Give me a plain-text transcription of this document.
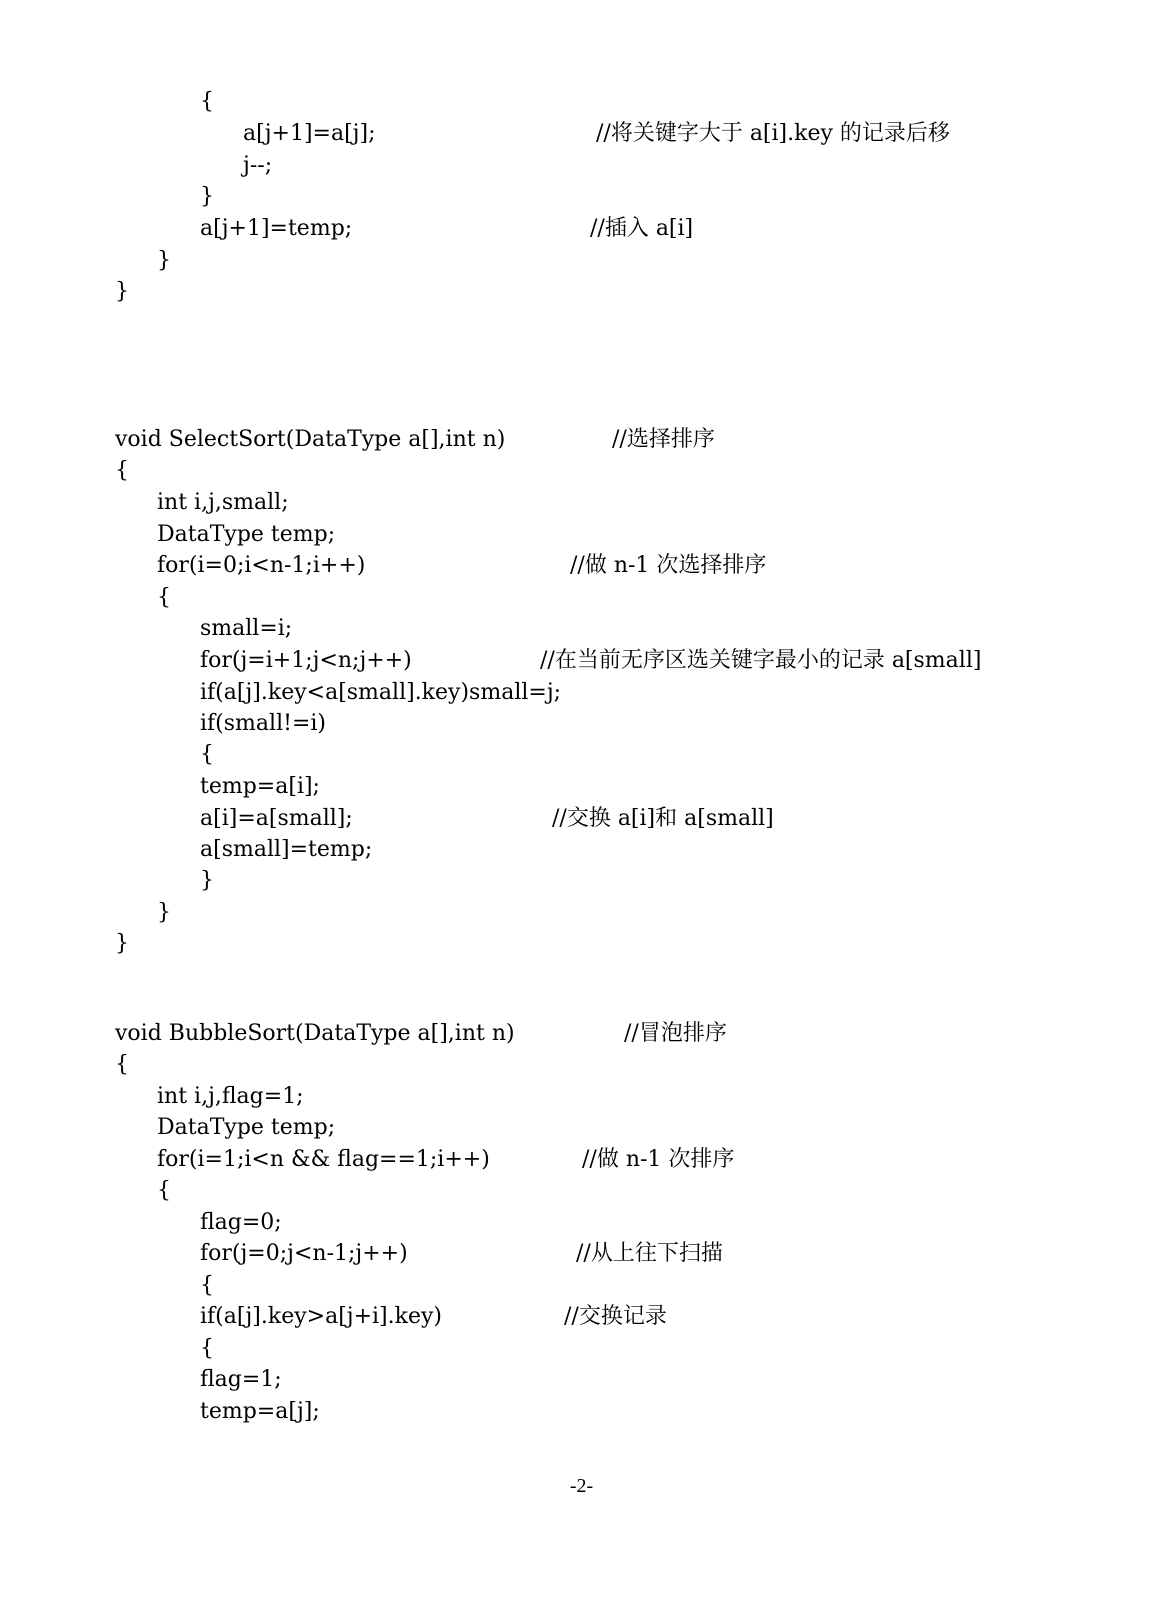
{

a[j+1]=a[j];

	//将关键字大于 a[i].key 的记录后移

j--;

}

a[j+1]=temp;

	//插入 a[i]

}

}

void SelectSort(DataType a[],int n)

	//选择排序

{

int i,j,small;

DataType temp;

for(i=0;i<n-1;i++)

	//做 n-1 次选择排序

{

small=i;

for(j=i+1;j<n;j++)

	//在当前无序区选关键字最小的记录 a[small]

if(a[j].key<a[small].key)small=j;

if(small!=i)

{

temp=a[i];

a[i]=a[small];

	//交换 a[i]和 a[small]

a[small]=temp;

}

}

}

void BubbleSort(DataType a[],int n)

	//冒泡排序

{

int i,j,flag=1;

DataType temp;

for(i=1;i<n && flag==1;i++)

	//做 n-1 次排序

{

flag=0;

for(j=0;j<n-1;j++)

	//从上往下扫描

{

if(a[j].key>a[j+i].key)

	//交换记录

{

flag=1;

temp=a[j];

-2-
